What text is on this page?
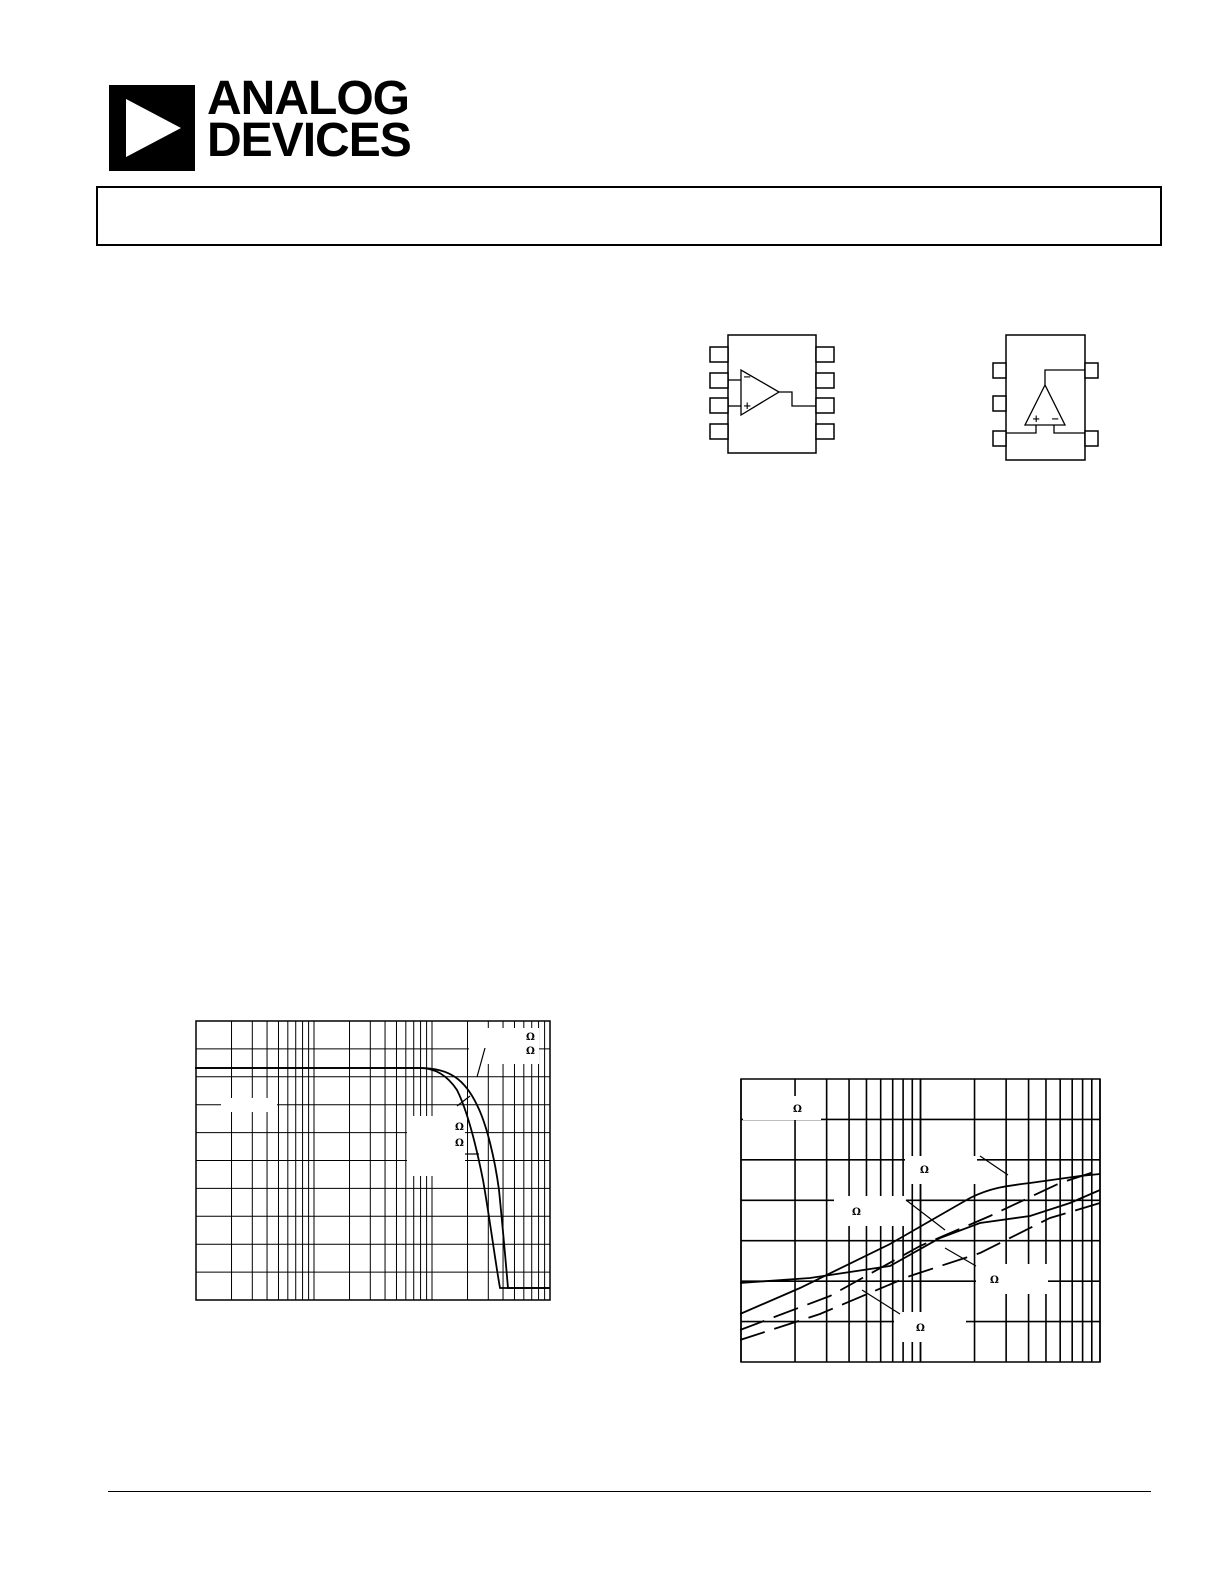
ANALOG
DEVICES
−
+
+ −
Ω
Ω
Ω
Ω
Ω
Ω
Ω
Ω
Ω
